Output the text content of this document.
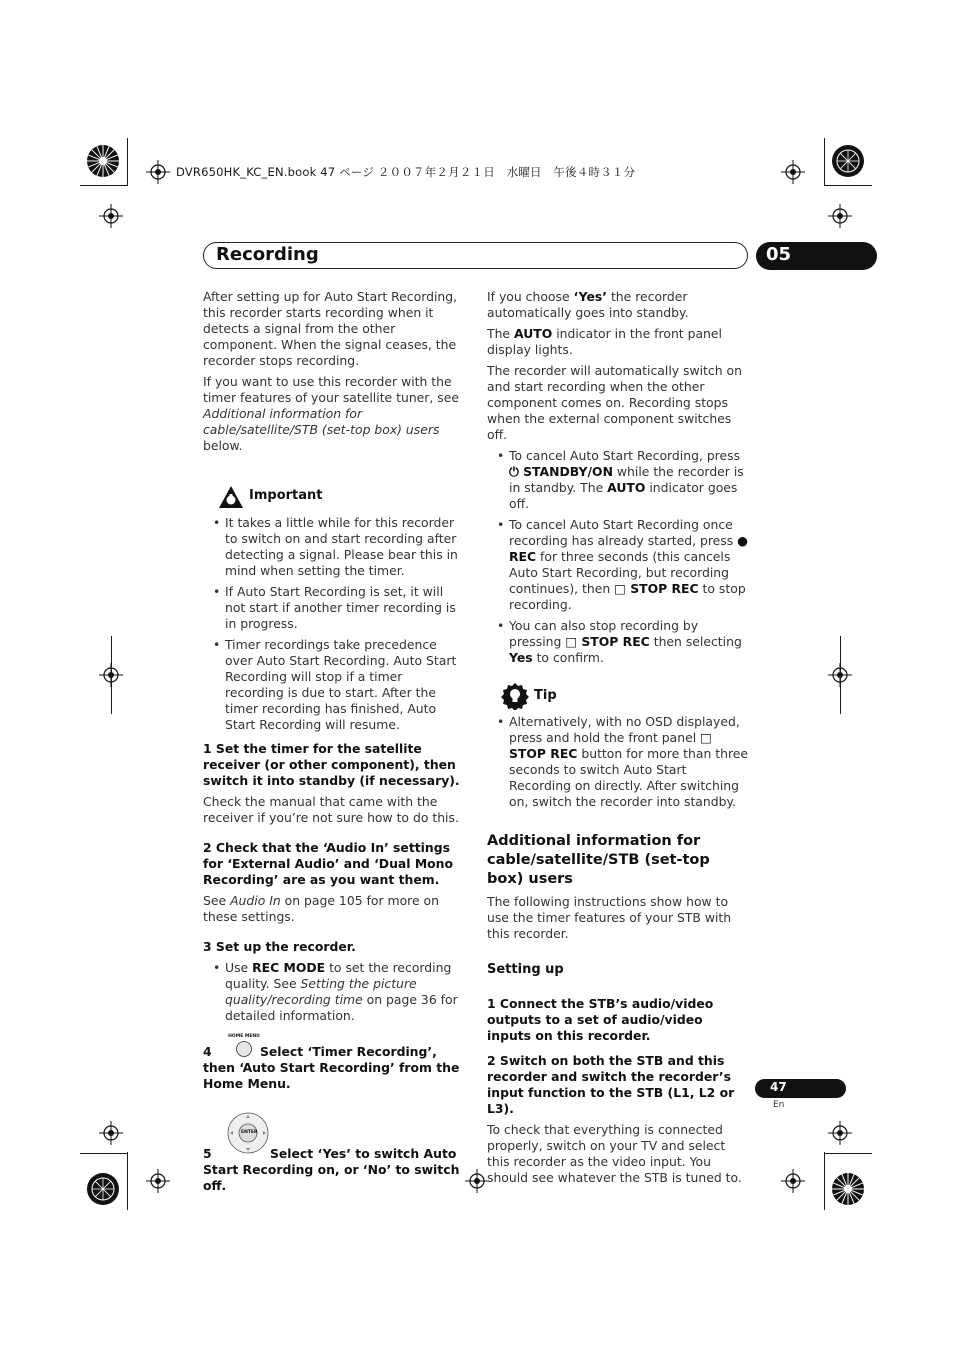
DVR650HK_KC_EN.book 47 ページ ２００７年２月２１日　水曜日　午後４時３１分
Recording	05

After setting up for Auto Start Recording, this recorder starts recording when it detects a signal from the other component. When the signal ceases, the recorder stops recording.

If you want to use this recorder with the timer features of your satellite tuner, see Additional information for cable/satellite/STB (set-top box) users below.

Important

• It takes a little while for this recorder to switch on and start recording after detecting a signal. Please bear this in mind when setting the timer.

• If Auto Start Recording is set, it will not start if another timer recording is in progress.

• Timer recordings take precedence over Auto Start Recording. Auto Start Recording will stop if a timer recording is due to start. After the timer recording has finished, Auto Start Recording will resume.

1 Set the timer for the satellite receiver (or other component), then switch it into standby (if necessary).

Check the manual that came with the receiver if you’re not sure how to do this.

2 Check that the ‘Audio In’ settings for ‘External Audio’ and ‘Dual Mono Recording’ are as you want them.

See Audio In on page 105 for more on these settings.

3 Set up the recorder.

• Use REC MODE to set the recording quality. See Setting the picture quality/recording time on page 36 for detailed information.

HOME MENU
4	Select ‘Timer Recording’, then ‘Auto Start Recording’ from the Home Menu.
ENTER
5	Select ‘Yes’ to switch Auto Start Recording on, or ‘No’ to switch off.

If you choose ‘Yes’ the recorder automatically goes into standby.

The AUTO indicator in the front panel display lights.

The recorder will automatically switch on and start recording when the other component comes on. Recording stops when the external component switches off.

• To cancel Auto Start Recording, press ⏻ STANDBY/ON while the recorder is in standby. The AUTO indicator goes off.

• To cancel Auto Start Recording once recording has already started, press ● REC for three seconds (this cancels Auto Start Recording, but recording continues), then □ STOP REC to stop recording.

• You can also stop recording by pressing □ STOP REC then selecting Yes to confirm.

Tip

• Alternatively, with no OSD displayed, press and hold the front panel □ STOP REC button for more than three seconds to switch Auto Start Recording on directly. After switching on, switch the recorder into standby.

Additional information for cable/satellite/STB (set-top box) users

The following instructions show how to use the timer features of your STB with this recorder.

Setting up

1 Connect the STB’s audio/video outputs to a set of audio/video inputs on this recorder.

2 Switch on both the STB and this recorder and switch the recorder’s input function to the STB (L1, L2 or L3).

To check that everything is connected properly, switch on your TV and select this recorder as the video input. You should see whatever the STB is tuned to.

47
En
